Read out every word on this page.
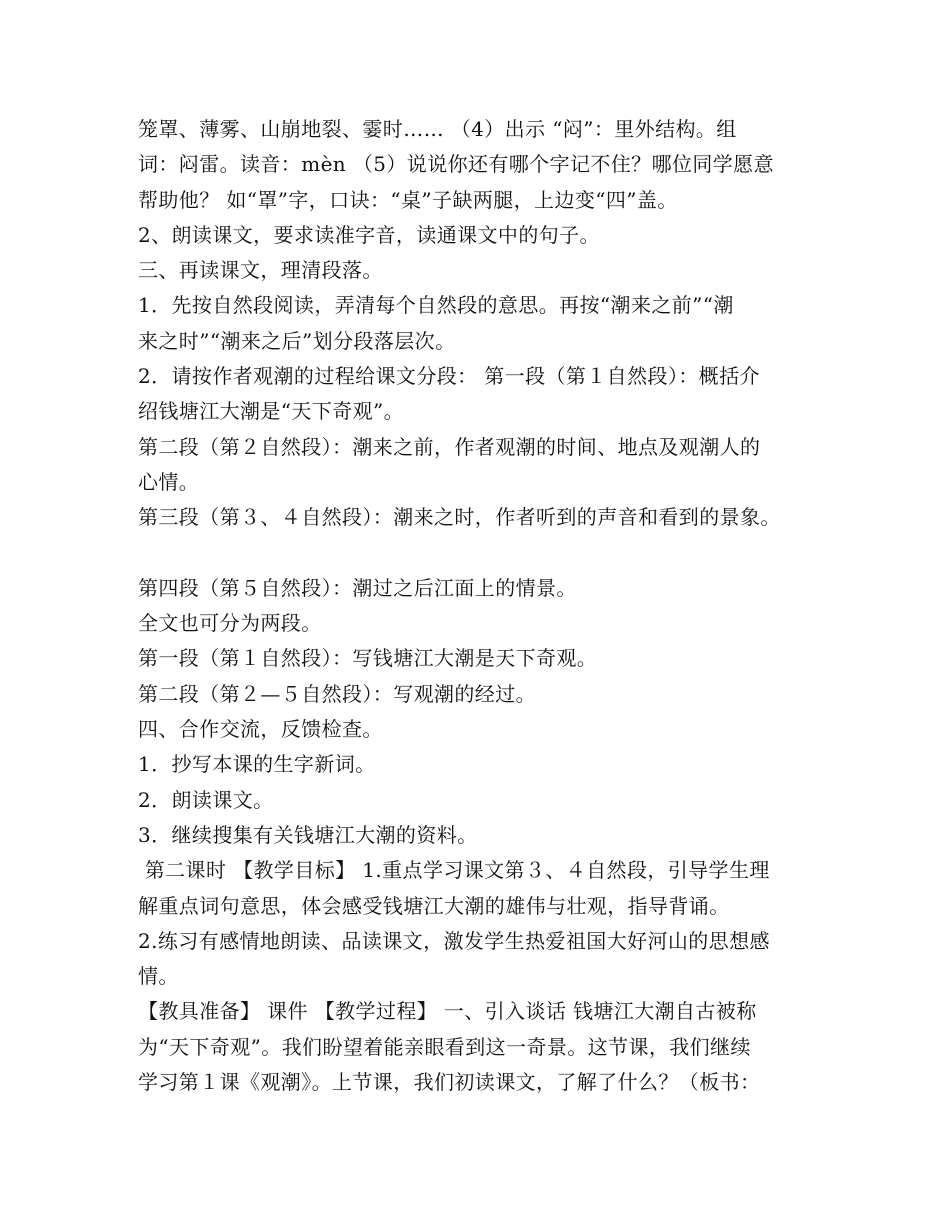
笼罩、薄雾、山崩地裂、霎时…… （4）出示 “闷”：里外结构。组
词：闷雷。读音：mèn （5）说说你还有哪个字记不住？哪位同学愿意
帮助他？ 如“罩”字，口诀：“桌”子缺两腿，上边变“四”盖。
2、朗读课文，要求读准字音，读通课文中的句子。
三、再读课文，理清段落。
1．先按自然段阅读，弄清每个自然段的意思。再按“潮来之前”“潮
来之时”“潮来之后”划分段落层次。
2．请按作者观潮的过程给课文分段： 第一段（第１自然段）：概括介
绍钱塘江大潮是“天下奇观”。
第二段（第２自然段）：潮来之前，作者观潮的时间、地点及观潮人的
心情。
第三段（第３、４自然段）：潮来之时，作者听到的声音和看到的景象。
第四段（第５自然段）：潮过之后江面上的情景。
全文也可分为两段。
第一段（第１自然段）：写钱塘江大潮是天下奇观。
第二段（第２—５自然段）：写观潮的经过。
四、合作交流，反馈检查。
1．抄写本课的生字新词。
2．朗读课文。
3．继续搜集有关钱塘江大潮的资料。
第二课时 【教学目标】 1.重点学习课文第３、４自然段，引导学生理
解重点词句意思，体会感受钱塘江大潮的雄伟与壮观，指导背诵。
2.练习有感情地朗读、品读课文，激发学生热爱祖国大好河山的思想感
情。
【教具准备】 课件 【教学过程】 一、引入谈话 钱塘江大潮自古被称
为“天下奇观”。我们盼望着能亲眼看到这一奇景。这节课，我们继续
学习第１课《观潮》。上节课，我们初读课文，了解了什么？（板书：
